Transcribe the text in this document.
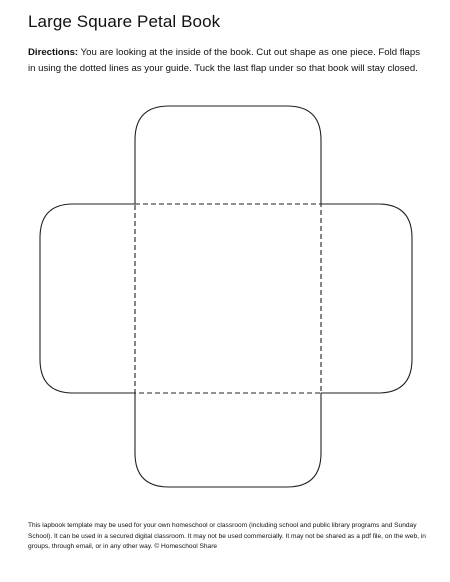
Large Square Petal Book

Directions: You are looking at the inside of the book. Cut out shape as one piece. Fold flaps in using the dotted lines as your guide. Tuck the last flap under so that book will stay closed.

This lapbook template may be used for your own homeschool or classroom (including school and public library programs and Sunday School). It can be used in a secured digital classroom. It may not be used commercially. It may not be shared as a pdf file, on the web, in groups, through email, or in any other way. © Homeschool Share
